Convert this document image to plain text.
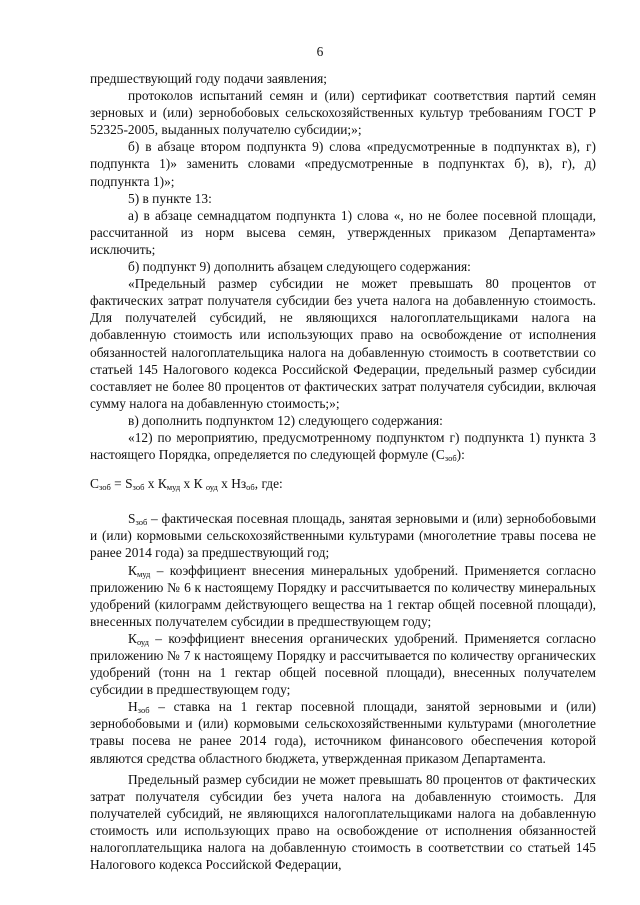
6

предшествующий году подачи заявления;

протоколов испытаний семян и (или) сертификат соответствия партий семян зерновых и (или) зернобобовых сельскохозяйственных культур требованиям ГОСТ Р 52325-2005, выданных получателю субсидии;»;

б) в абзаце втором подпункта 9) слова «предусмотренные в подпунктах в), г) подпункта 1)» заменить словами «предусмотренные в подпунктах б), в), г), д) подпункта 1)»;

5) в пункте 13:

а) в абзаце семнадцатом подпункта 1) слова «, но не более посевной площади, рассчитанной из норм высева семян, утвержденных приказом Департамента» исключить;

б) подпункт 9) дополнить абзацем следующего содержания:

«Предельный размер субсидии не может превышать 80 процентов от фактических затрат получателя субсидии без учета налога на добавленную стоимость. Для получателей субсидий, не являющихся налогоплательщиками налога на добавленную стоимость или использующих право на освобождение от исполнения обязанностей налогоплательщика налога на добавленную стоимость в соответствии со статьей 145 Налогового кодекса Российской Федерации, предельный размер субсидии составляет не более 80 процентов от фактических затрат получателя субсидии, включая сумму налога на добавленную стоимость;»;

в) дополнить подпунктом 12) следующего содержания:

«12) по мероприятию, предусмотренному подпунктом г) подпункта 1) пункта 3 настоящего Порядка, определяется по следующей формуле $(С_{зоб})$:

$С_{зоб} = S_{зоб}$ х $К_{муд}$ х К $_{оуд}$ х $Нз_{об}$, где:

$S_{зоб}$ – фактическая посевная площадь, занятая зерновыми и (или) зернобобовыми и (или) кормовыми сельскохозяйственными культурами (многолетние травы посева не ранее 2014 года) за предшествующий год;

$К_{муд}$ – коэффициент внесения минеральных удобрений. Применяется согласно приложению № 6 к настоящему Порядку и рассчитывается по количеству минеральных удобрений (килограмм действующего вещества на 1 гектар общей посевной площади), внесенных получателем субсидии в предшествующем году;

$К_{оуд}$ – коэффициент внесения органических удобрений. Применяется согласно приложению № 7 к настоящему Порядку и рассчитывается по количеству органических удобрений (тонн на 1 гектар общей посевной площади), внесенных получателем субсидии в предшествующем году;

$Н_{зоб}$ – ставка на 1 гектар посевной площади, занятой зерновыми и (или) зернобобовыми и (или) кормовыми сельскохозяйственными культурами (многолетние травы посева не ранее 2014 года), источником финансового обеспечения которой являются средства областного бюджета, утвержденная приказом Департамента.

Предельный размер субсидии не может превышать 80 процентов от фактических затрат получателя субсидии без учета налога на добавленную стоимость. Для получателей субсидий, не являющихся налогоплательщиками налога на добавленную стоимость или использующих право на освобождение от исполнения обязанностей налогоплательщика налога на добавленную стоимость в соответствии со статьей 145 Налогового кодекса Российской Федерации,
